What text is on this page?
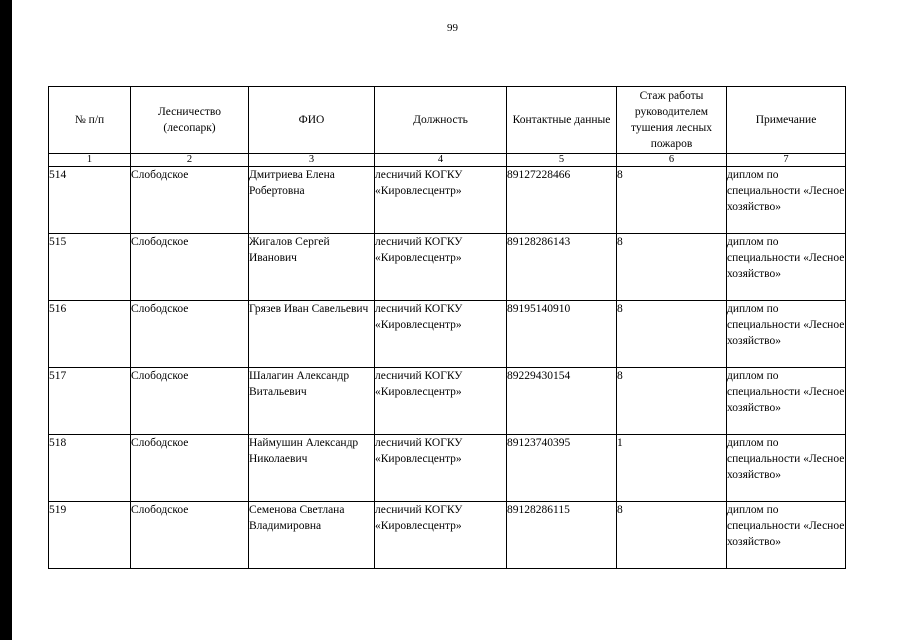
99
№ п/п	Лесничество (лесопарк)	ФИО	Должность	Контактные данные	Стаж работы руководителем тушения лесных пожаров	Примечание
1	2	3	4	5	6	7
514	Слободское	Дмитриева Елена Робертовна	лесничий КОГКУ «Кировлесцентр»	89127228466	8	диплом по специальности «Лесное хозяйство»
515	Слободское	Жигалов Сергей Иванович	лесничий КОГКУ «Кировлесцентр»	89128286143	8	диплом по специальности «Лесное хозяйство»
516	Слободское	Грязев Иван Савельевич	лесничий КОГКУ «Кировлесцентр»	89195140910	8	диплом по специальности «Лесное хозяйство»
517	Слободское	Шалагин Александр Витальевич	лесничий КОГКУ «Кировлесцентр»	89229430154	8	диплом по специальности «Лесное хозяйство»
518	Слободское	Наймушин Александр Николаевич	лесничий КОГКУ «Кировлесцентр»	89123740395	1	диплом по специальности «Лесное хозяйство»
519	Слободское	Семенова Светлана Владимировна	лесничий КОГКУ «Кировлесцентр»	89128286115	8	диплом по специальности «Лесное хозяйство»
